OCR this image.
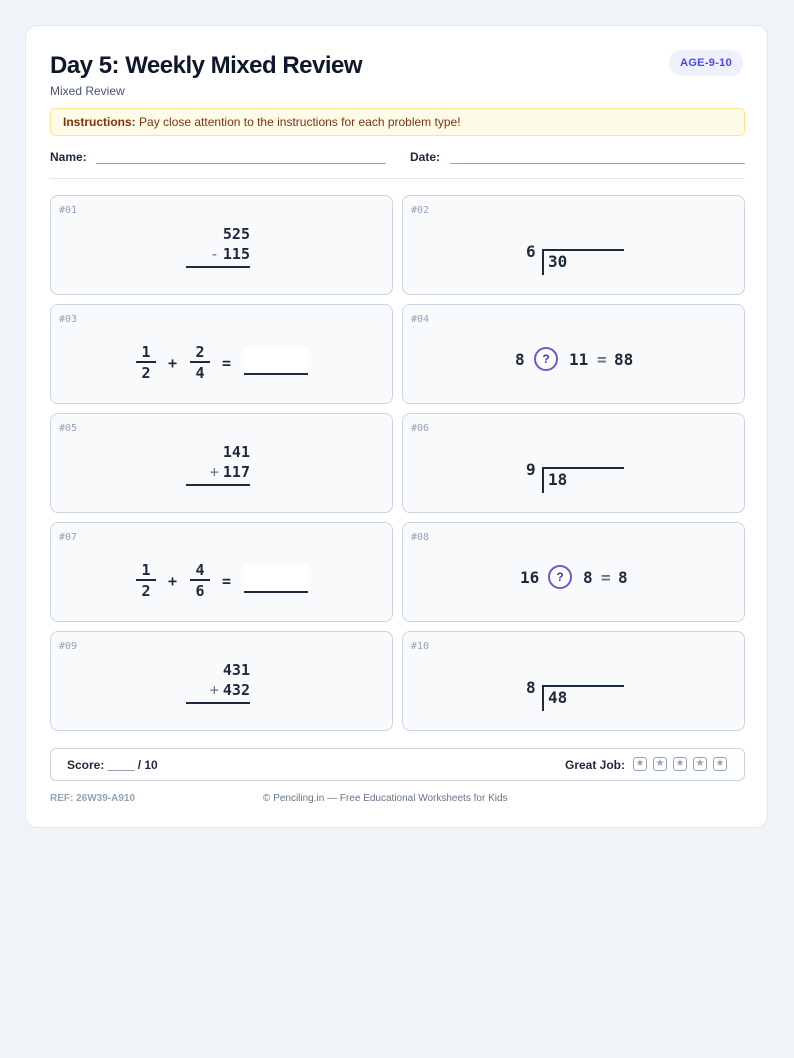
Day 5: Weekly Mixed Review
Mixed Review
AGE-9-10
Instructions: Pay close attention to the instructions for each problem type!
Name:	Date:
#01
525
- 115
#02
6
30
#03
1
2
+
2
4
=
#04
8	?	11 = 88
#05
141
+ 117
#06
9
18
#07
1
2
+
4
6
=
#08
16	?	8 = 8
#09
431
+ 432
#10
8
48
Score: ____ / 10	Great Job: ★ ★ ★ ★ ★
REF: 26W39-A910	© Penciling.in — Free Educational Worksheets for Kids
